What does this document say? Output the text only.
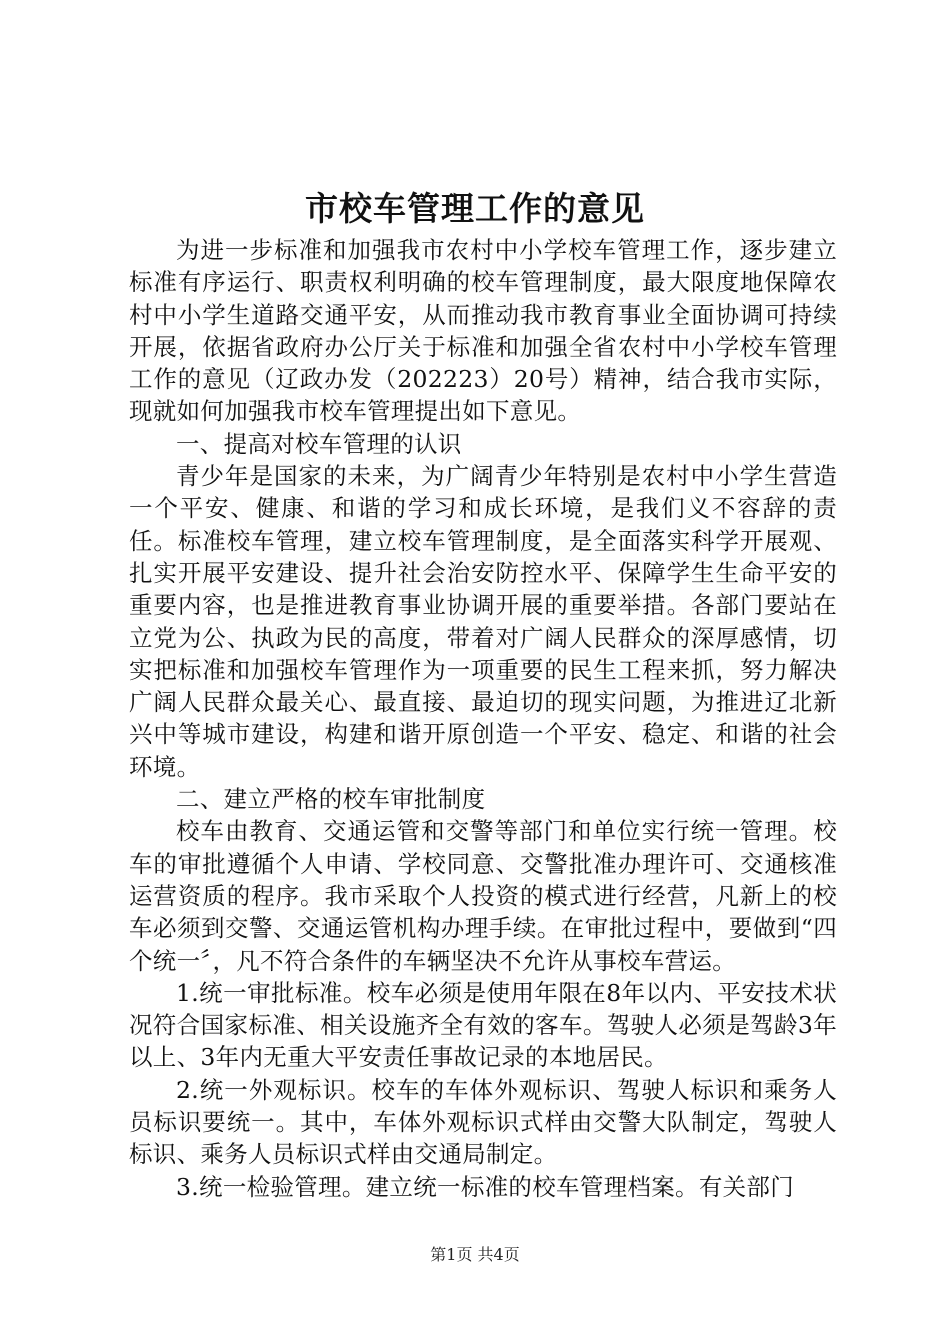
市校车管理工作的意见

为进一步标准和加强我市农村中小学校车管理工作，逐步建立标准有序运行、职责权利明确的校车管理制度，最大限度地保障农村中小学生道路交通平安，从而推动我市教育事业全面协调可持续开展，依据省政府办公厅关于标准和加强全省农村中小学校车管理工作的意见（辽政办发（202223）20号）精神，结合我市实际，现就如何加强我市校车管理提出如下意见。

一、提高对校车管理的认识

青少年是国家的未来，为广阔青少年特别是农村中小学生营造一个平安、健康、和谐的学习和成长环境，是我们义不容辞的责任。标准校车管理，建立校车管理制度，是全面落实科学开展观、扎实开展平安建设、提升社会治安防控水平、保障学生生命平安的重要内容，也是推进教育事业协调开展的重要举措。各部门要站在立党为公、执政为民的高度，带着对广阔人民群众的深厚感情，切实把标准和加强校车管理作为一项重要的民生工程来抓，努力解决广阔人民群众最关心、最直接、最迫切的现实问题，为推进辽北新兴中等城市建设，构建和谐开原创造一个平安、稳定、和谐的社会环境。

二、建立严格的校车审批制度

校车由教育、交通运管和交警等部门和单位实行统一管理。校车的审批遵循个人申请、学校同意、交警批准办理许可、交通核准运营资质的程序。我市采取个人投资的模式进行经营，凡新上的校车必须到交警、交通运管机构办理手续。在审批过程中，要做到“四个统一〞，凡不符合条件的车辆坚决不允许从事校车营运。

1.统一审批标准。校车必须是使用年限在8年以内、平安技术状况符合国家标准、相关设施齐全有效的客车。驾驶人必须是驾龄3年以上、3年内无重大平安责任事故记录的本地居民。

2.统一外观标识。校车的车体外观标识、驾驶人标识和乘务人员标识要统一。其中，车体外观标识式样由交警大队制定，驾驶人标识、乘务人员标识式样由交通局制定。

3.统一检验管理。建立统一标准的校车管理档案。有关部门

第1页 共4页
